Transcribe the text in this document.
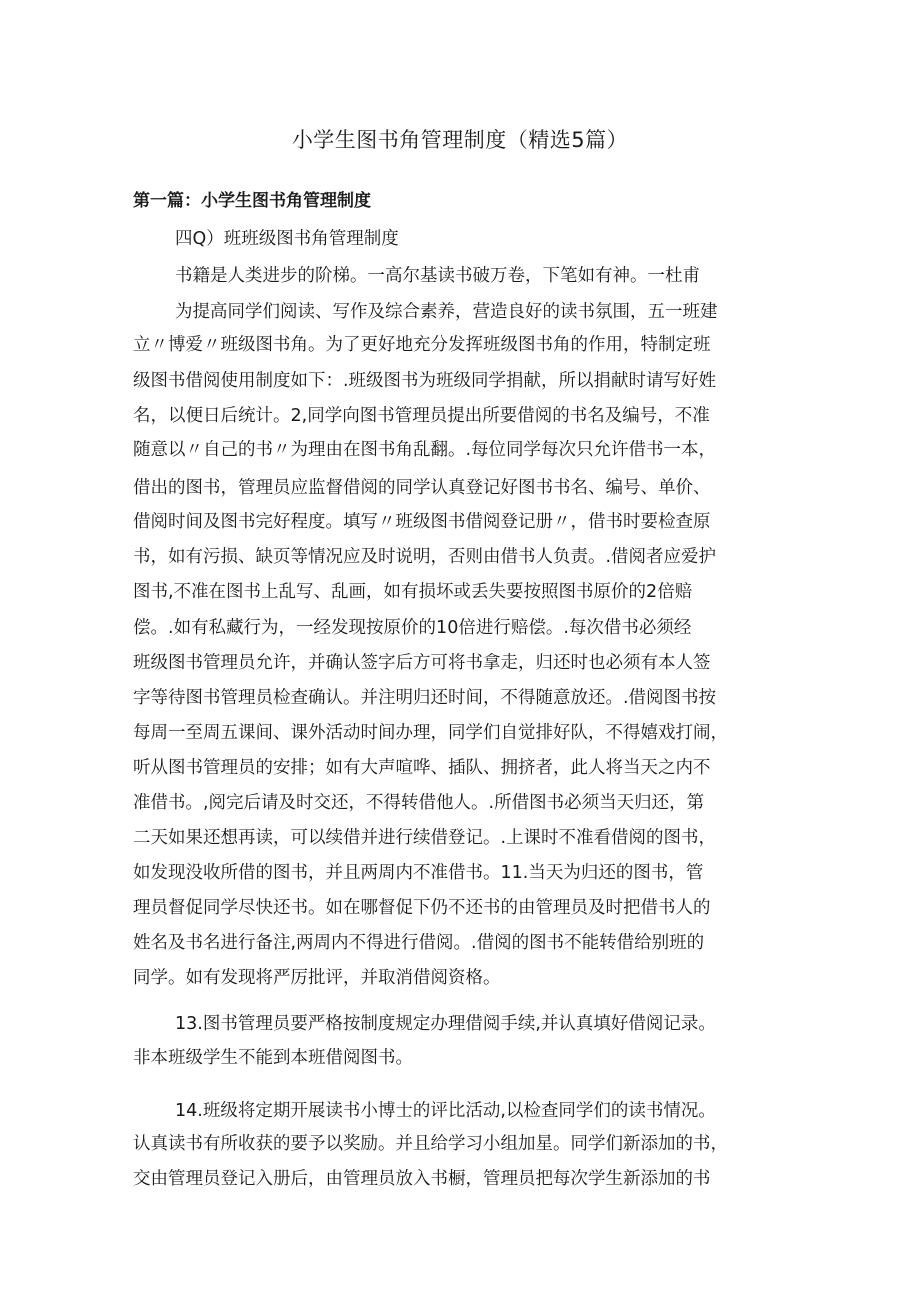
小学生图书角管理制度（精选5篇）
第一篇：小学生图书角管理制度
四Q）班班级图书角管理制度
书籍是人类进步的阶梯。一高尔基读书破万卷，下笔如有神。一杜甫
为提高同学们阅读、写作及综合素养，营造良好的读书氛围，五一班建
立〃博爱〃班级图书角。为了更好地充分发挥班级图书角的作用，特制定班
级图书借阅使用制度如下：.班级图书为班级同学捐献，所以捐献时请写好姓
名，以便日后统计。2,同学向图书管理员提出所要借阅的书名及编号，不准
随意以〃自己的书〃为理由在图书角乱翻。.每位同学每次只允许借书一本，
借出的图书，管理员应监督借阅的同学认真登记好图书书名、编号、单价、
借阅时间及图书完好程度。填写〃班级图书借阅登记册〃，借书时要检查原
书，如有污损、缺页等情况应及时说明，否则由借书人负责。.借阅者应爱护
图书,不准在图书上乱写、乱画，如有损坏或丢失要按照图书原价的2倍赔
偿。.如有私藏行为，一经发现按原价的10倍进行赔偿。.每次借书必须经
班级图书管理员允许，并确认签字后方可将书拿走，归还时也必须有本人签
字等待图书管理员检查确认。并注明归还时间，不得随意放还。.借阅图书按
每周一至周五课间、课外活动时间办理，同学们自觉排好队，不得嬉戏打闹，
听从图书管理员的安排；如有大声喧哗、插队、拥挤者，此人将当天之内不
准借书。,阅完后请及时交还，不得转借他人。.所借图书必须当天归还，第
二天如果还想再读，可以续借并进行续借登记。.上课时不准看借阅的图书，
如发现没收所借的图书，并且两周内不准借书。11.当天为归还的图书，管
理员督促同学尽快还书。如在哪督促下仍不还书的由管理员及时把借书人的
姓名及书名进行备注,两周内不得进行借阅。.借阅的图书不能转借给别班的
同学。如有发现将严厉批评，并取消借阅资格。
13.图书管理员要严格按制度规定办理借阅手续,并认真填好借阅记录。
非本班级学生不能到本班借阅图书。
14.班级将定期开展读书小博士的评比活动,以检查同学们的读书情况。
认真读书有所收获的要予以奖励。并且给学习小组加星。同学们新添加的书，
交由管理员登记入册后，由管理员放入书橱，管理员把每次学生新添加的书
